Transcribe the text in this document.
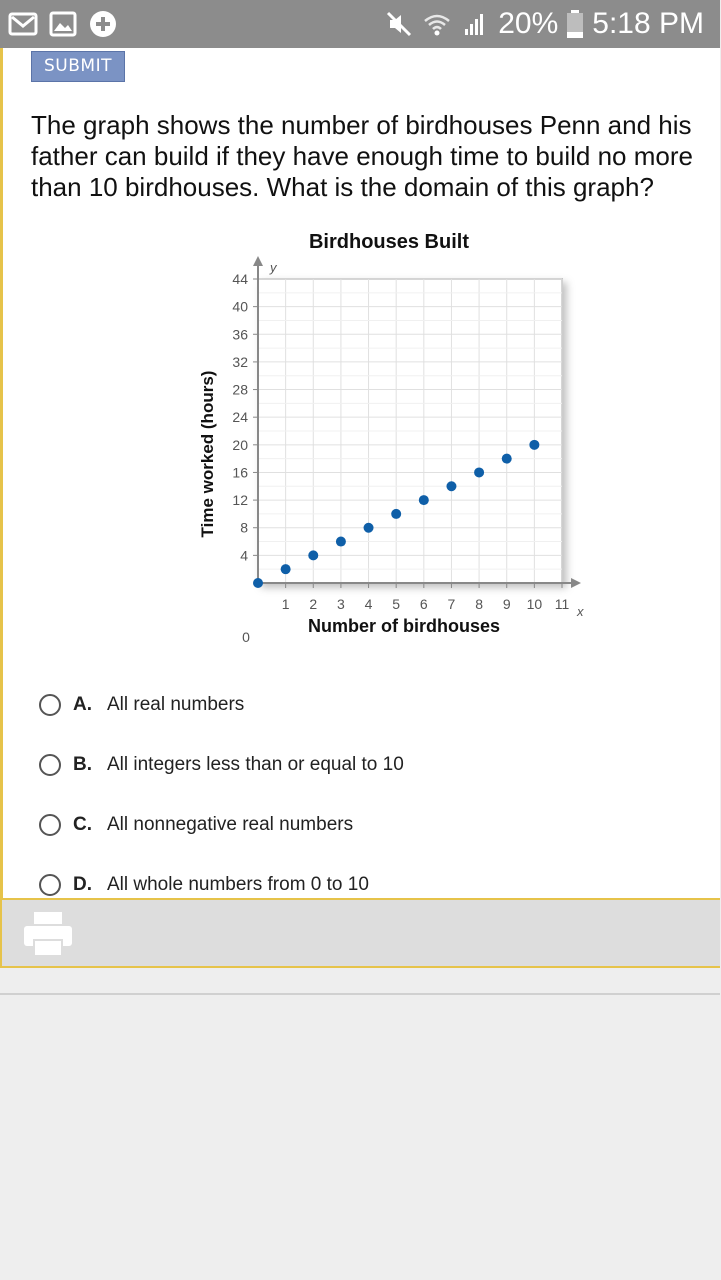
20% 5:18 PM
SUBMIT
The graph shows the number of birdhouses Penn and his father can build if they have enough time to build no more than 10 birdhouses. What is the domain of this graph?
1 2 3 4 5 6 7 8 9 10 11
4
8
12
16
20
24
28
32
36
40
44
Birdhouses Built
Number of birdhouses
Time worked (hours)
x
y
0
A. All real numbers
B. All integers less than or equal to 10
C. All nonnegative real numbers
D. All whole numbers from 0 to 10
